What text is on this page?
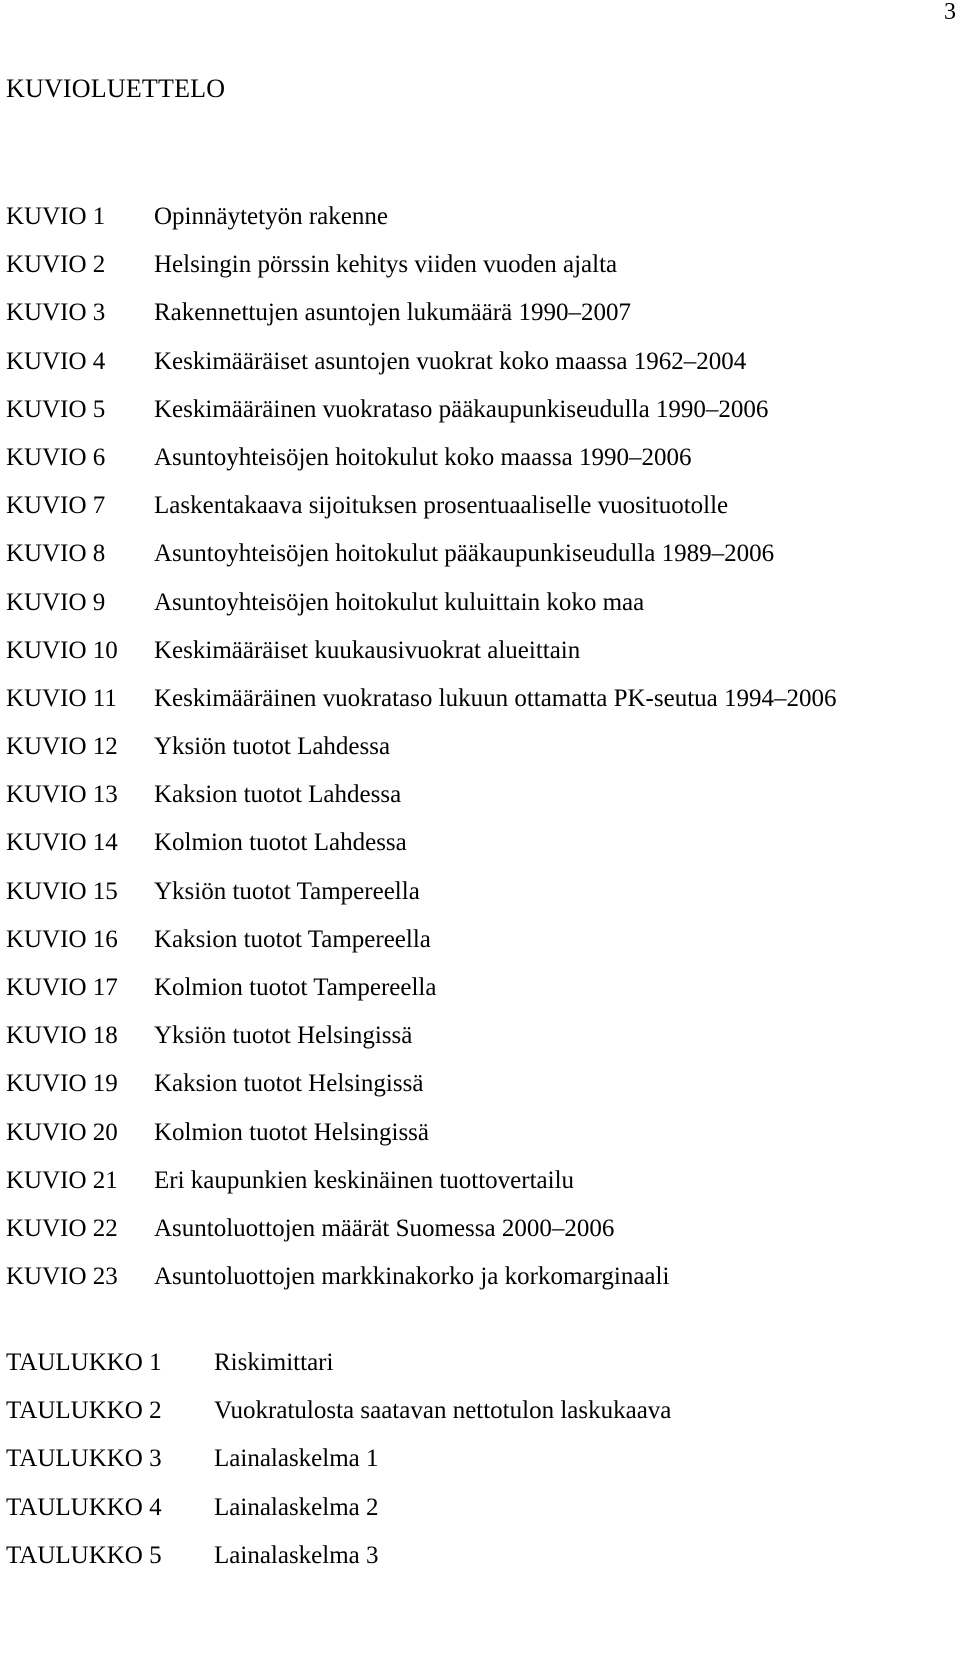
3
KUVIOLUETTELO
KUVIO 1	Opinnäytetyön rakenne
KUVIO 2	Helsingin pörssin kehitys viiden vuoden ajalta
KUVIO 3	Rakennettujen asuntojen lukumäärä 1990–2007
KUVIO 4	Keskimääräiset asuntojen vuokrat koko maassa 1962–2004
KUVIO 5	Keskimääräinen vuokrataso pääkaupunkiseudulla 1990–2006
KUVIO 6	Asuntoyhteisöjen hoitokulut koko maassa 1990–2006
KUVIO 7	Laskentakaava sijoituksen prosentuaaliselle vuosituotolle
KUVIO 8	Asuntoyhteisöjen hoitokulut pääkaupunkiseudulla 1989–2006
KUVIO 9	Asuntoyhteisöjen hoitokulut kuluittain koko maa
KUVIO 10	Keskimääräiset kuukausivuokrat alueittain
KUVIO 11	Keskimääräinen vuokrataso lukuun ottamatta PK-seutua 1994–2006
KUVIO 12	Yksiön tuotot Lahdessa
KUVIO 13	Kaksion tuotot Lahdessa
KUVIO 14	Kolmion tuotot Lahdessa
KUVIO 15	Yksiön tuotot Tampereella
KUVIO 16	Kaksion tuotot Tampereella
KUVIO 17	Kolmion tuotot Tampereella
KUVIO 18	Yksiön tuotot Helsingissä
KUVIO 19	Kaksion tuotot Helsingissä
KUVIO 20	Kolmion tuotot Helsingissä
KUVIO 21	Eri kaupunkien keskinäinen tuottovertailu
KUVIO 22	Asuntoluottojen määrät Suomessa 2000–2006
KUVIO 23	Asuntoluottojen markkinakorko ja korkomarginaali
TAULUKKO 1	Riskimittari
TAULUKKO 2	Vuokratulosta saatavan nettotulon laskukaava
TAULUKKO 3	Lainalaskelma 1
TAULUKKO 4	Lainalaskelma 2
TAULUKKO 5	Lainalaskelma 3
